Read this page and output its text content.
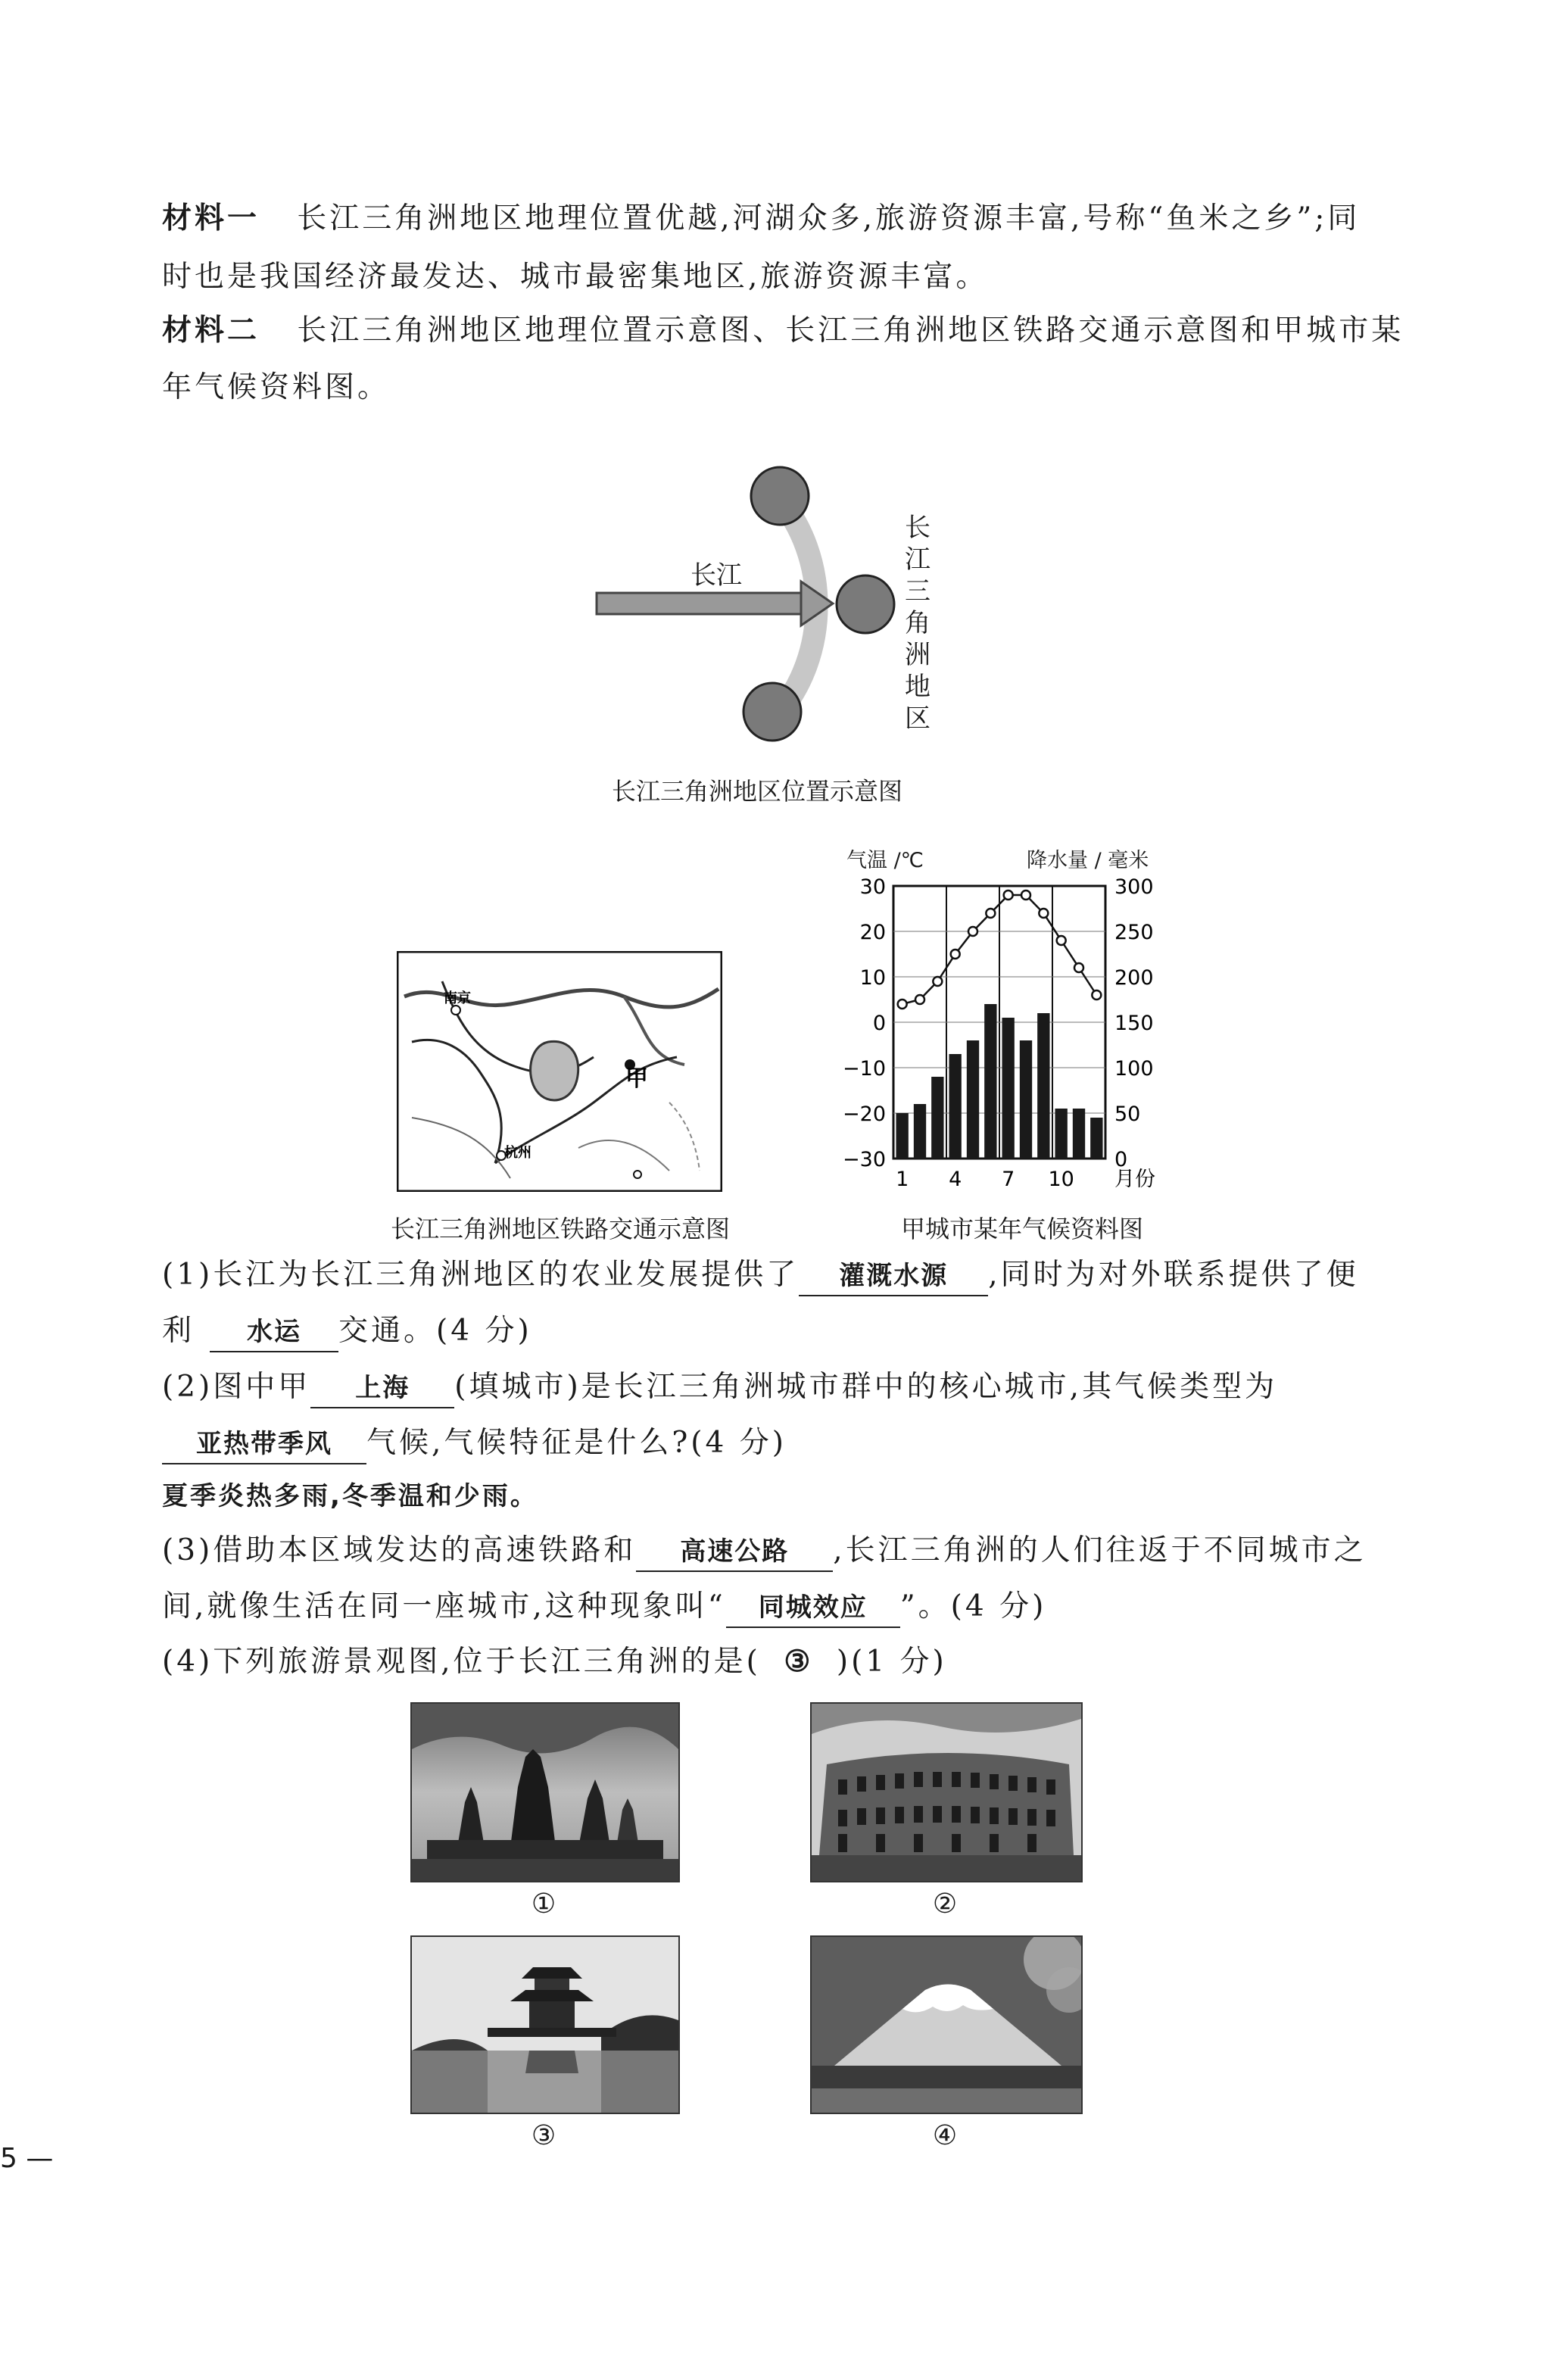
材料一 长江三角洲地区地理位置优越,河湖众多,旅游资源丰富,号称“鱼米之乡”;同
时也是我国经济最发达、城市最密集地区,旅游资源丰富。
材料二 长江三角洲地区地理位置示意图、长江三角洲地区铁路交通示意图和甲城市某
年气候资料图。
长江
长江三角洲地区
长江三角洲地区位置示意图
南京
杭州
甲
长江三角洲地区铁路交通示意图
气温 /℃	降水量 / 毫米
30
20
10
0
−10
−20
−30
300
250
200
150
100
50
0
1 4 7 10 月份
甲城市某年气候资料图
(1)长江为长江三角洲地区的农业发展提供了 灌溉水源 ,同时为对外联系提供了便
利 水运 交通。(4 分)
(2)图中甲 上海 (填城市)是长江三角洲城市群中的核心城市,其气候类型为
亚热带季风 气候,气候特征是什么?(4 分)
夏季炎热多雨,冬季温和少雨。
(3)借助本区域发达的高速铁路和 高速公路 ,长江三角洲的人们往返于不同城市之
间,就像生活在同一座城市,这种现象叫“ 同城效应 ”。(4 分)
(4)下列旅游景观图,位于长江三角洲的是( ③ )(1 分)
①	②
③	④
5 —
